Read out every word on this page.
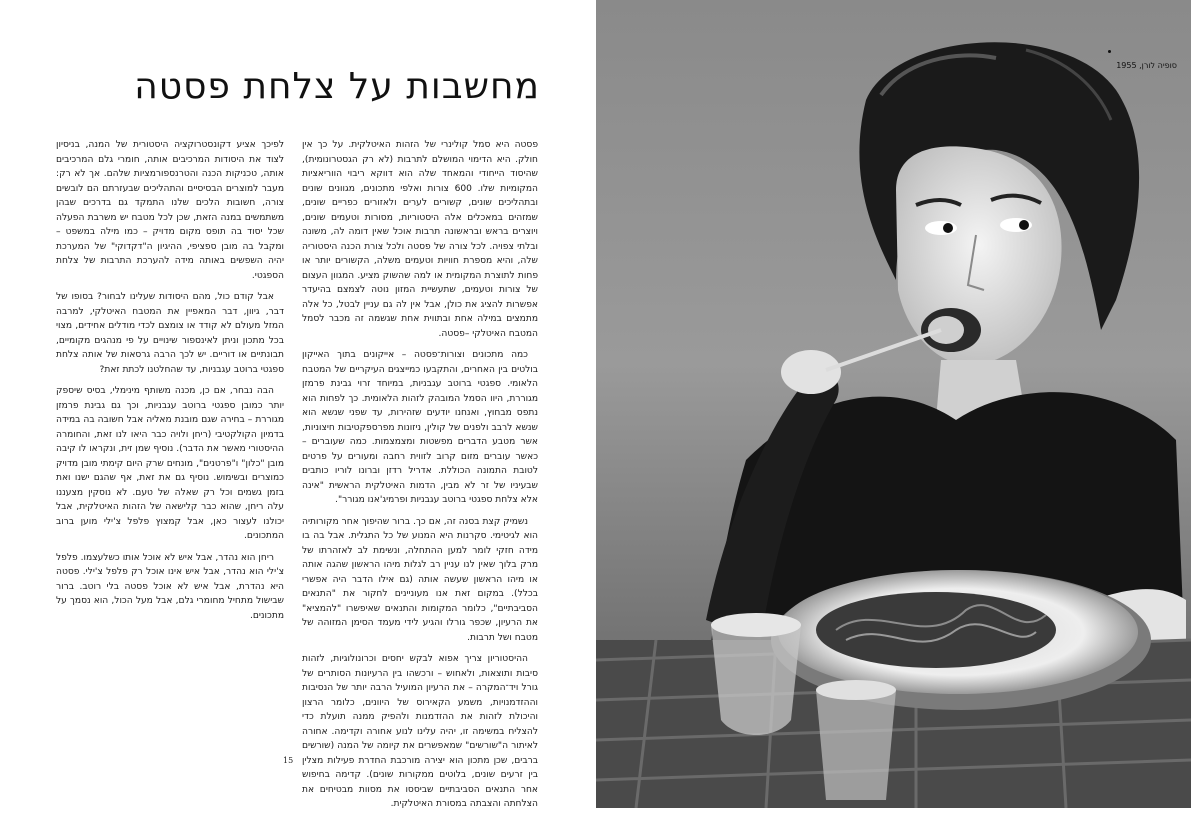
מחשבות על צלחת פסטה

פסטה היא סמל קולינרי של הזהות האיטלקית. על כך אין חולק. היא הדימוי המושלם לתרבות (לא רק הגסטרונומית), שהיסוד הייחודי והמאחד שלה הוא דווקא ריבוי הווריאציות המקומיות שלו. 600 צורות ואלפי מתכונים, מגוונים שונים ובתהליכים שונים, קשורים לערים ולאזורים כפריים שונים, שמזהים במאכלים אלה היסטוריות, מסורות וטעמים שונים, ויוצרים בראש ובראשונה תרבות אוכל שאין דומה לה, משונה ובלתי צפויה. לכל צורה של פסטה ולכל צורת הכנה היסטוריה שלה, והיא מספרת חוויות וטעמים משלה, הקשורים יותר או פחות לתוצרת המקומית או למה שהשוק מציע. המגוון העצום של צורות וטעמים, שתעשיית המזון נוטה לצמצם בהיעדר אפשרות להציג את כולן, אבל אין לה גם עניין לבטל, כל אלה מתמצים במילה אחת ובתווית אחת שגשמה זה מכבר לסמל המטבח האיטלקי –פסטה.

כמה מתכונים וצורות־פסטה – אייקונים בתוך האייקון בולטים בין האחרים, והתקבעו כמייצגים העיקריים של המטבח הלאומי. ספגטי ברוטב עגבניות, במיוחד זרוי גבינת פרמזן מגוררת, היוו הסמל המובהק לזהות הלאומית. כך לפחות הוא נתפס מבחוץ, ואנחנו יודעים שזהירות, עד שפני שנשא הוא שנשא לרבב ולפנים של קולין, ניזונות מפרספקטיבות חיצוניות, אשר מטבע הדברים מפשטות ומצמצמות. כמה שעוברים – כאשר עוברים מזום קרוב לזווית רחבה ומעורים על פרטים לטובת התמונה הכוללת. אדריל רדזן וברונו לוריו כותבים שבעיניו של זר לא מבין, הדמות האיטלקית הראשית "אינה אלא צלחת ספגטי ברוטב עגבניות ופרמיג'אנו מגורר".

נשמיק קצת בסנה זה, אם כך. ברור שהיפוך אחר מקורותיה הוא לגיטימי. סקרנות היא המנוע של כל התגלית. אבל בה בו מידה חזקי לומר למען ההתחלה, ונשימת לב לאזהרתו של מרק בלוך שאין לנו עניין רב לגלות מיהו הראשון שהגה אותה או מיהו הראשון שעשה אותה (גם אילו הדבר היה אפשרי בכלל). במקום זאת אנו מעוניינים לחקור את "התנאים הסביבתיים", כלומר המקומות והתנאים שאיפשרו "להמציא" את הרעיון, שכפר גורלו והגיע לידי מעמד הסימן המזוהה של מטבח ושל תרבות.

ההיסטוריון צריך אפוא לבקש יחסים וכרונולוגיות, לזהות סיבות ותוצאות, ולאחוש – ורכשהו בין הרעיונות הסותרים של גורל ויד־המקרה – את הרעיון המועיל הרבה יותר של הנסיבות וההזדמנויות, משמע הקאירוס של היוונים, כלומר הרצון והיכולת לזהות את ההזדמנות ולהפיק ממנה תועלת כדי להצליח במשימה זו, יהיה עלינו לנוע אחורה וקדימה. אחורה לאיתור ה"שורשים" שמאפשרים את קיומה של המנה (שורשים ברבים, שכן מתכון הוא יצירה מורכבת החדרת פעילות מצלין בין זרעים שונים, בלוטים ממקורות שונים). קדימה בחיפוש אחר התנאים הסביבתיים שביססו את מסוות מבטיחים את הצלחתה והצבתה במסורת האיטלקית.

לפיכך אציע דקונסטרוקציה היסטורית של המנה, בניסיון לצוד את היסודות המרכיבים אותה, חומרי גלם המרכיבים אותה, טכניקות הכנה והטרנספורמציות שלהם. אך לא רק: מעבר למוצרים הבסיסיים והתהליכים שבעזרתם הם לובשים צורה, חשובות הלכים שלנו התמקד גם בדרכים שבהן משתמשים במנה הזאת, שכן לכל מטבח יש משרבת הפעלה שכל יסוד בה תופס מקום מדויק – כמו מילה במשפט – ומקבל בה מובן ספציפי, ההיגיון ה"דקדוקי" של המערכת יהיה השפשים באותה מידה להערכת התרבות של צלחת הספגטי.

אבל קודם כול, מהם היסודות שעלינו לבחור? בסופו של דבר, גיוון, דבר המאפיין את המטבח האיטלקי, למרבה המזל מעולם לא קודד או צומצם לכדי מודלים אחידים, מצוי בכל מתכון וניתן לאינספור שינויים על פי מנהגים מקומיים, תבונתיים או דוריים. יש לכך הרבה גרסאות של אותה צלחת ספגטי ברוטב עגבניות, עד שהחלטנו לכתת זאת?

הבה נבחר, אם כן, מכנה משותף מינימלי, בסיס שיספק יותר כמובן ספגטי ברוטב עגבניות, וכך גם גבינת פרמזן מגוררת – בחירה שגם מובנת מאליה אבל חשובה בה במידה בדמיון הקולקטיבי (ריחן ולויה כבר היאו לנו זאת, והחומרה ההיסטורי מאשר את הדבר). נוסיף שמן זית, ונקראו לו קיבה מובן "כלון" ו"פרטנים", מונחים שרק היום קימתי מובן מדויק כמוצרים ובשימוש. נוסיף גם את זאת, אף שהגם ישנו ואת בזמן גשמים וכל רק שאלה של טעם. לא נוסקין מצעננו עלה ריחן, שהוא כבר קלישאה של הזהות האיטלקית, אבל יכולנו לעצור כאן, אבל קמצוץ פלפל צ'ילי מוען ברוב המתכונים.

ריחן הוא נהדר, אבל איש לא אוכל אותו כשלעצמו. פלפל צ'ילי הוא נהדר, אבל איש אינו אוכל רק פלפל צ'ילי. פסטה היא נהדרת, אבל איש לא אוכל פסטה בלי רוטב. ברור שבישול מתחיל מחומרי גלם, אבל מעל הכול, הוא נסמך על מתכונים.

15
סופיה לורן, 1955
